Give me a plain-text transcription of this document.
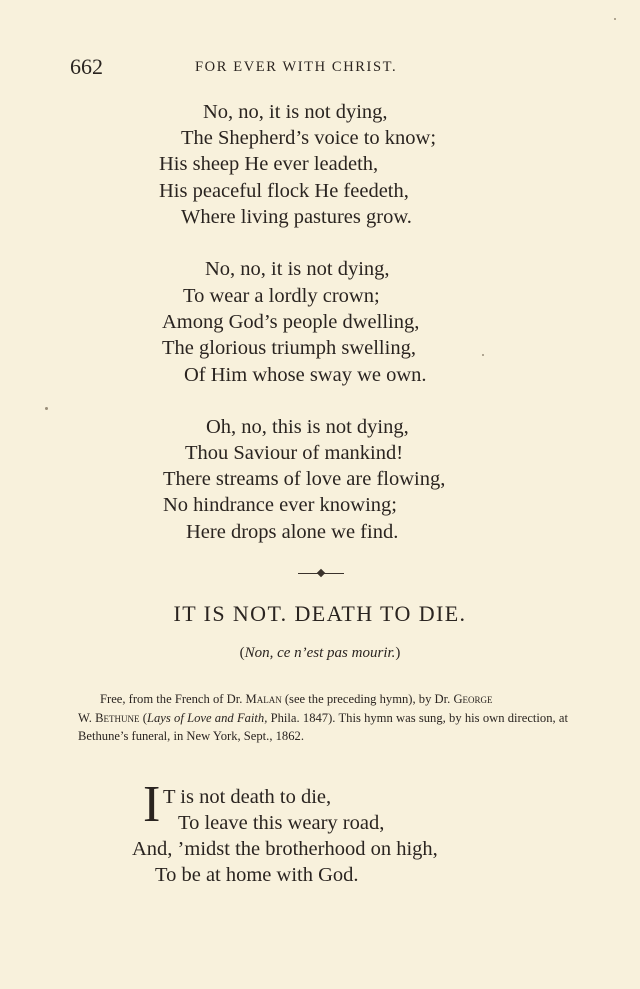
662	FOR EVER WITH CHRIST.
No, no, it is not dying,
The Shepherd’s voice to know;
His sheep He ever leadeth,
His peaceful flock He feedeth,
Where living pastures grow.
No, no, it is not dying,
To wear a lordly crown;
Among God’s people dwelling,
The glorious triumph swelling,
Of Him whose sway we own.
Oh, no, this is not dying,
Thou Saviour of mankind!
There streams of love are flowing,
No hindrance ever knowing;
Here drops alone we find.
IT IS NOT. DEATH TO DIE.
(Non, ce n’est pas mourir.)
Free, from the French of Dr. Malan (see the preceding hymn), by Dr. George
W. Bethune (Lays of Love and Faith, Phila. 1847). This hymn was sung, by his own direction, at Bethune’s funeral, in New York, Sept., 1862.
I T is not death to die,
To leave this weary road,
And, ’midst the brotherhood on high,
To be at home with God.
